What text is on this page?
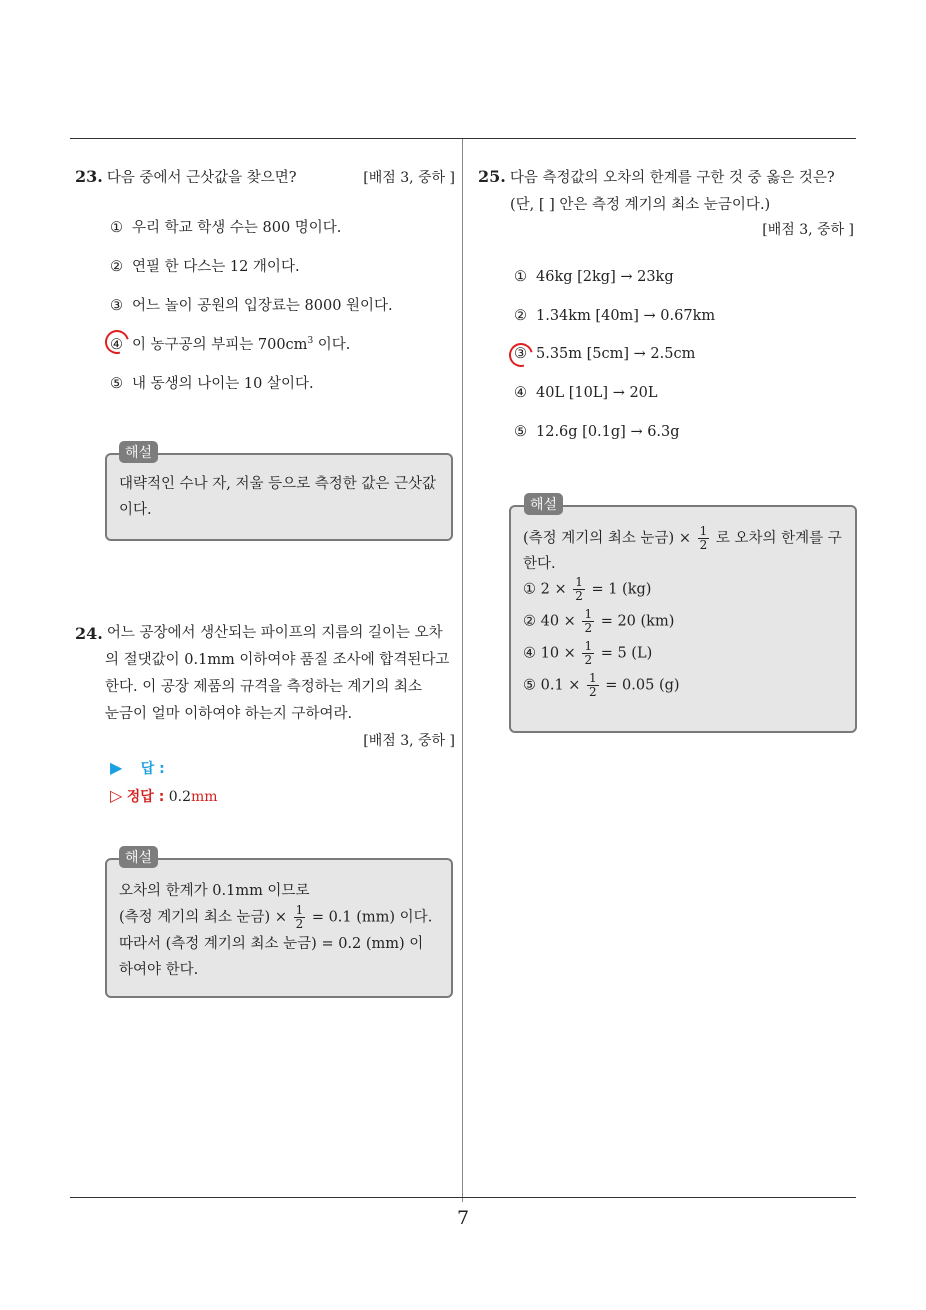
23. 다음 중에서 근삿값을 찾으면?	[배점 3, 중하 ]
① 우리 학교 학생 수는 800 명이다.
② 연필 한 다스는 12 개이다.
③ 어느 놀이 공원의 입장료는 8000 원이다.
④ 이 농구공의 부피는 $700cm^3$ 이다.
⑤ 내 동생의 나이는 10 살이다.
대략적인 수나 자, 저울 등으로 측정한 값은 근삿값이다.
해설
24. 어느 공장에서 생산되는 파이프의 지름의 길이는 오차
의 절댓값이 0.1mm 이하여야 품질 조사에 합격된다고
한다. 이 공장 제품의 규격을 측정하는 계기의 최소
눈금이 얼마 이하여야 하는지 구하여라.
[배점 3, 중하 ]
▶ 답 :
▷ 정답 : 0.2mm
오차의 한계가 0.1mm 이므로
(측정 계기의 최소 눈금) × $\frac{1}{2} = 0.1$ (mm) 이다.
따라서 (측정 계기의 최소 눈금) = 0.2 (mm) 이
하여야 한다.
해설
25. 다음 측정값의 오차의 한계를 구한 것 중 옳은 것은?
(단, [ ] 안은 측정 계기의 최소 눈금이다.)
[배점 3, 중하 ]
① 46kg [2kg] → 23kg
② 1.34km [40m] → 0.67km
③ 5.35m [5cm] → 2.5cm
④ 40L [10L] → 20L
⑤ 12.6g [0.1g] → 6.3g
(측정 계기의 최소 눈금) × $\frac{1}{2}$ 로 오차의 한계를 구
한다.
① $2 \times \frac{1}{2} = 1$ (kg)
② $40 \times \frac{1}{2} = 20$ (km)
④ $10 \times \frac{1}{2} = 5$ (L)
⑤ $0.1 \times \frac{1}{2} = 0.05$ (g)
해설
7
